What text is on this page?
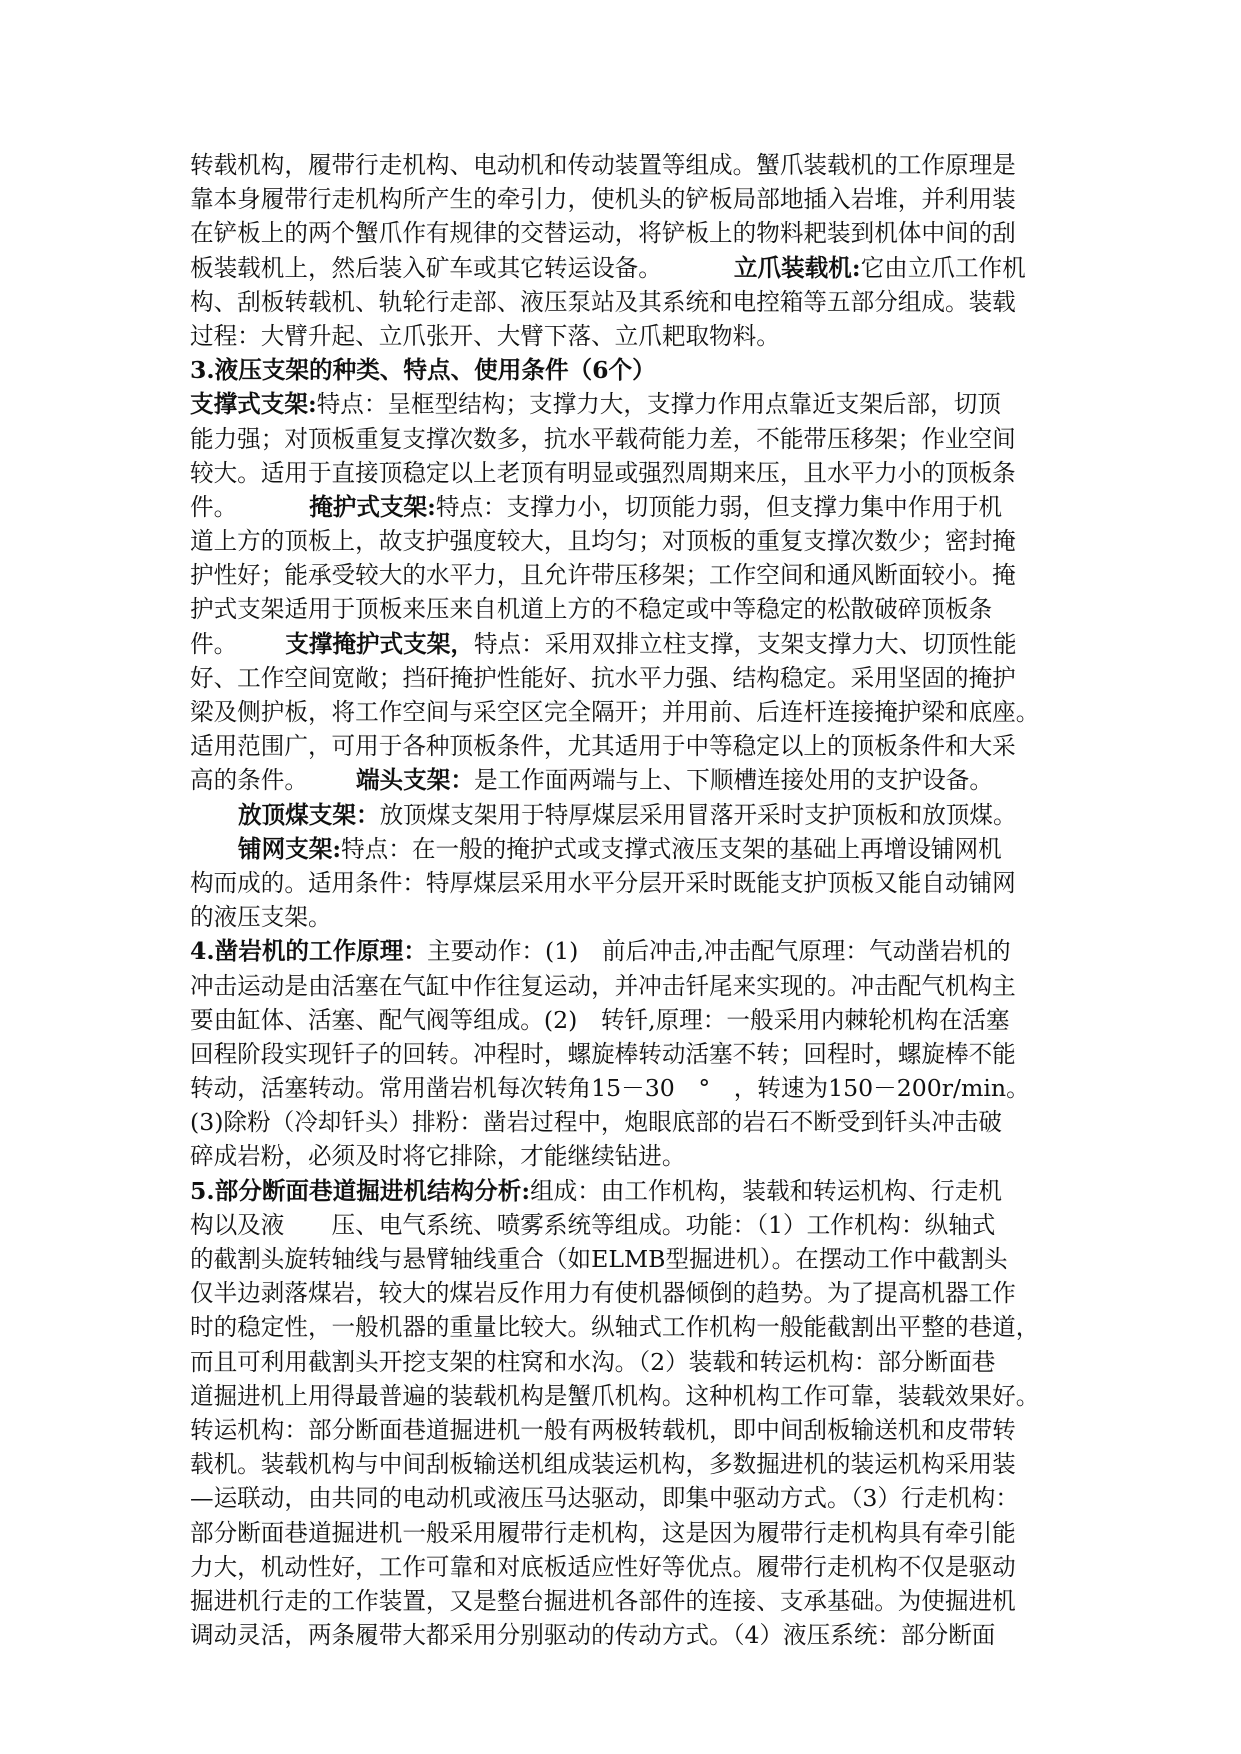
转载机构，履带行走机构、电动机和传动装置等组成。蟹爪装载机的工作原理是
靠本身履带行走机构所产生的牵引力，使机头的铲板局部地插入岩堆，并利用装
在铲板上的两个蟹爪作有规律的交替运动，将铲板上的物料耙装到机体中间的刮
板装载机上，然后装入矿车或其它转运设备。	立爪装载机:它由立爪工作机
构、刮板转载机、轨轮行走部、液压泵站及其系统和电控箱等五部分组成。装载
过程：大臂升起、立爪张开、大臂下落、立爪耙取物料。
3.液压支架的种类、特点、使用条件（6个）
支撑式支架:特点：呈框型结构；支撑力大，支撑力作用点靠近支架后部，切顶
能力强；对顶板重复支撑次数多，抗水平载荷能力差，不能带压移架；作业空间
较大。适用于直接顶稳定以上老顶有明显或强烈周期来压，且水平力小的顶板条
件。	掩护式支架:特点：支撑力小，切顶能力弱，但支撑力集中作用于机
道上方的顶板上，故支护强度较大，且均匀；对顶板的重复支撑次数少；密封掩
护性好；能承受较大的水平力，且允许带压移架；工作空间和通风断面较小。掩
护式支架适用于顶板来压来自机道上方的不稳定或中等稳定的松散破碎顶板条
件。 支撑掩护式支架，特点：采用双排立柱支撑，支架支撑力大、切顶性能
好、工作空间宽敞；挡矸掩护性能好、抗水平力强、结构稳定。采用坚固的掩护
梁及侧护板，将工作空间与采空区完全隔开；并用前、后连杆连接掩护梁和底座。
适用范围广，可用于各种顶板条件，尤其适用于中等稳定以上的顶板条件和大采
高的条件。 端头支架：是工作面两端与上、下顺槽连接处用的支护设备。
放顶煤支架：放顶煤支架用于特厚煤层采用冒落开采时支护顶板和放顶煤。
铺网支架:特点：在一般的掩护式或支撑式液压支架的基础上再增设铺网机
构而成的。适用条件：特厚煤层采用水平分层开采时既能支护顶板又能自动铺网
的液压支架。
4.凿岩机的工作原理：主要动作：(1)　前后冲击,冲击配气原理：气动凿岩机的
冲击运动是由活塞在气缸中作往复运动，并冲击钎尾来实现的。冲击配气机构主
要由缸体、活塞、配气阀等组成。(2)　转钎,原理：一般采用内棘轮机构在活塞
回程阶段实现钎子的回转。冲程时，螺旋棒转动活塞不转；回程时，螺旋棒不能
转动，活塞转动。常用凿岩机每次转角15－30　°　，转速为150－200r/min。
(3)除粉（冷却钎头）排粉：凿岩过程中，炮眼底部的岩石不断受到钎头冲击破
碎成岩粉，必须及时将它排除，才能继续钻进。
5.部分断面巷道掘进机结构分析:组成：由工作机构，装载和转运机构、行走机
构以及液　　压、电气系统、喷雾系统等组成。功能：（1）工作机构：纵轴式
的截割头旋转轴线与悬臂轴线重合（如ELMB型掘进机）。在摆动工作中截割头
仅半边剥落煤岩，较大的煤岩反作用力有使机器倾倒的趋势。为了提高机器工作
时的稳定性，一般机器的重量比较大。纵轴式工作机构一般能截割出平整的巷道，
而且可利用截割头开挖支架的柱窝和水沟。（2）装载和转运机构：部分断面巷
道掘进机上用得最普遍的装载机构是蟹爪机构。这种机构工作可靠，装载效果好。
转运机构：部分断面巷道掘进机一般有两极转载机，即中间刮板输送机和皮带转
载机。装载机构与中间刮板输送机组成装运机构，多数掘进机的装运机构采用装
—运联动，由共同的电动机或液压马达驱动，即集中驱动方式。（3）行走机构：
部分断面巷道掘进机一般采用履带行走机构，这是因为履带行走机构具有牵引能
力大，机动性好，工作可靠和对底板适应性好等优点。履带行走机构不仅是驱动
掘进机行走的工作装置，又是整台掘进机各部件的连接、支承基础。为使掘进机
调动灵活，两条履带大都采用分别驱动的传动方式。（4）液压系统：部分断面
